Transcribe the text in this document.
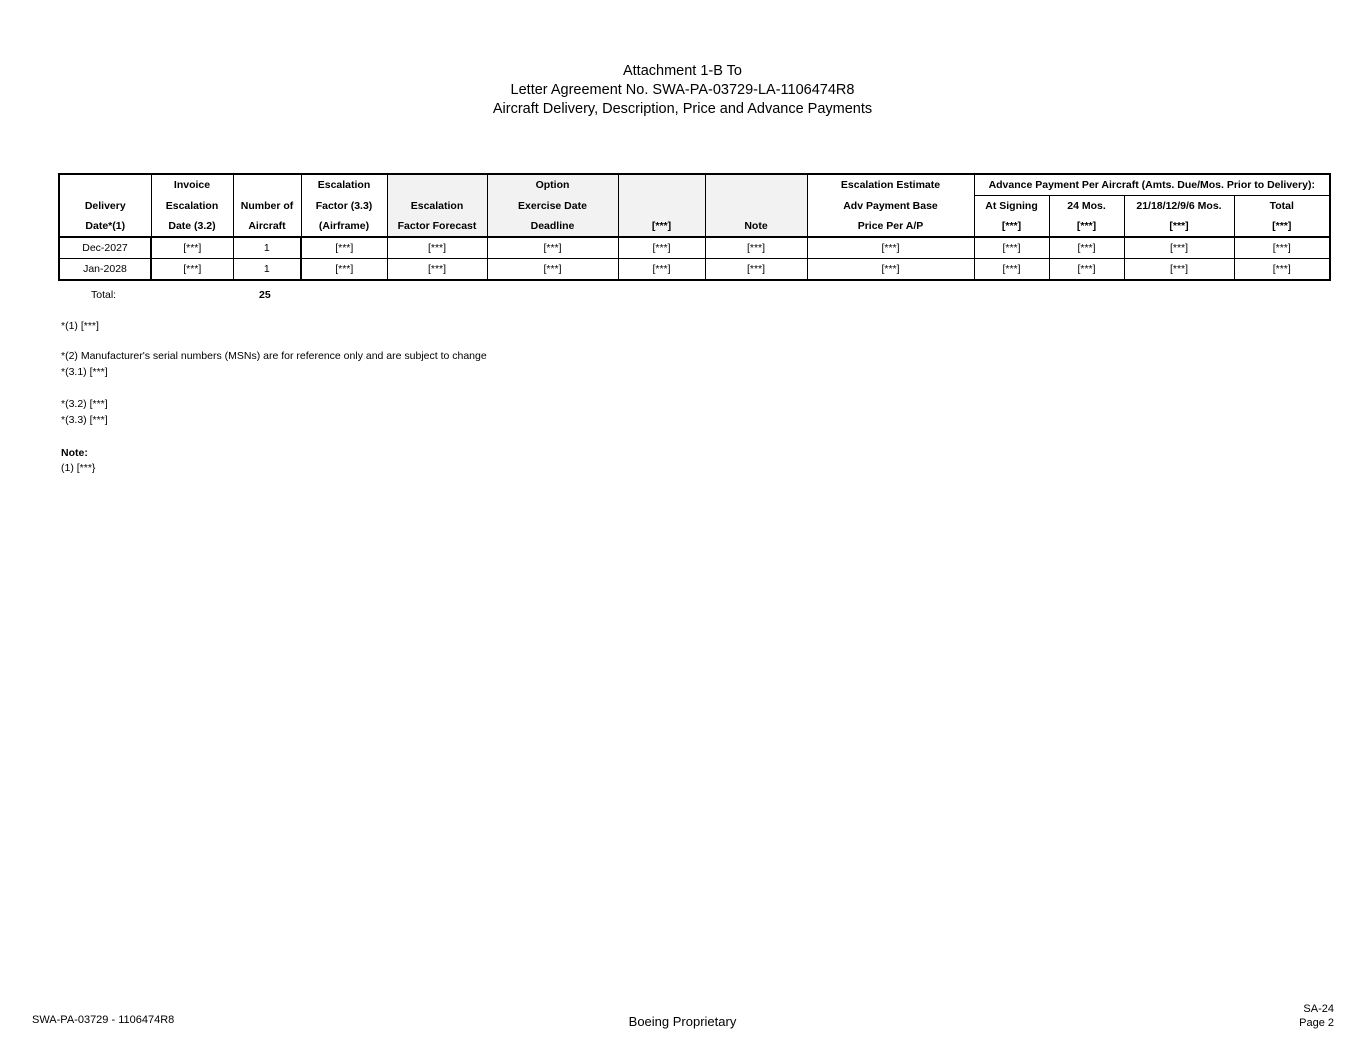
Attachment 1-B To
Letter Agreement No. SWA-PA-03729-LA-1106474R8
Aircraft Delivery, Description, Price and Advance Payments
	Invoice		Escalation		Option			Escalation Estimate	Advance Payment Per Aircraft (Amts. Due/Mos. Prior to Delivery):			
Delivery	Escalation	Number of	Factor (3.3)	Escalation	Exercise Date			Adv Payment Base	At Signing	24 Mos.	21/18/12/9/6 Mos.	Total
Date*(1)	Date (3.2)	Aircraft	(Airframe)	Factor Forecast	Deadline	[***]	Note	Price Per A/P	[***]	[***]	[***]	[***]
Dec-2027	[***]	1	[***]	[***]	[***]	[***]	[***]	[***]	[***]	[***]	[***]	[***]
Jan-2028	[***]	1	[***]	[***]	[***]	[***]	[***]	[***]	[***]	[***]	[***]	[***]
Total:	25
*(1) [***]
*(2) Manufacturer's serial numbers (MSNs) are for reference only and are subject to change
*(3.1) [***]
*(3.2) [***]
*(3.3) [***]
Note:
(1) [***}
SWA-PA-03729 - 1106474R8	Boeing Proprietary
SA-24
Page 2
